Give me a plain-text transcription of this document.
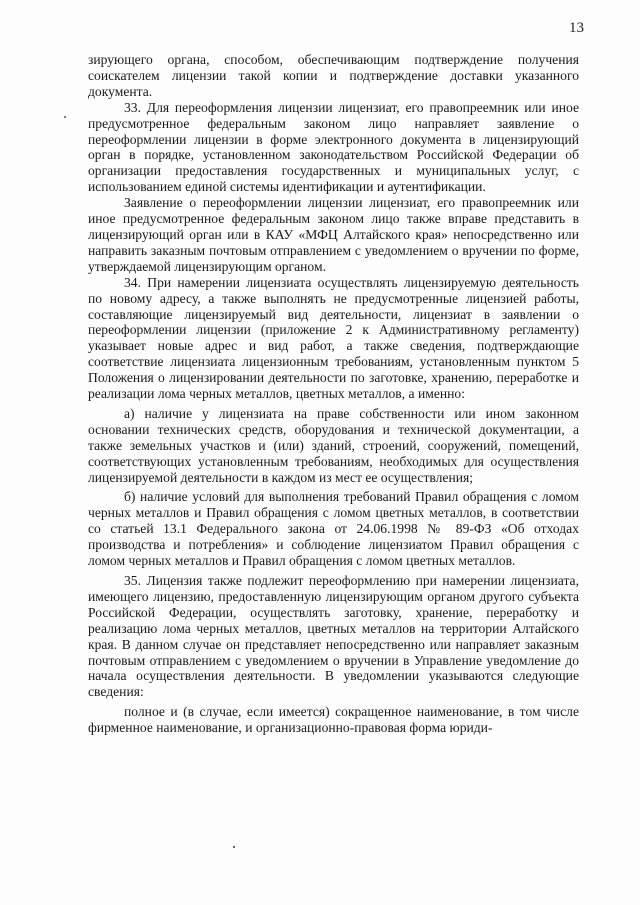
13

зирующего органа, способом, обеспечивающим подтверждение получения соискателем лицензии такой копии и подтверждение доставки указанного документа.

33. Для переоформления лицензии лицензиат, его правопреемник или иное предусмотренное федеральным законом лицо направляет заявление о переоформлении лицензии в форме электронного документа в лицензирующий орган в порядке, установленном законодательством Российской Федерации об организации предоставления государственных и муниципальных услуг, с использованием единой системы идентификации и аутентификации.

Заявление о переоформлении лицензии лицензиат, его правопреемник или иное предусмотренное федеральным законом лицо также вправе представить в лицензирующий орган или в КАУ «МФЦ Алтайского края» непосредственно или направить заказным почтовым отправлением с уведомлением о вручении по форме, утверждаемой лицензирующим органом.

34. При намерении лицензиата осуществлять лицензируемую деятельность по новому адресу, а также выполнять не предусмотренные лицензией работы, составляющие лицензируемый вид деятельности, лицензиат в заявлении о переоформлении лицензии (приложение 2 к Административному регламенту) указывает новые адрес и вид работ, а также сведения, подтверждающие соответствие лицензиата лицензионным требованиям, установленным пунктом 5 Положения о лицензировании деятельности по заготовке, хранению, переработке и реализации лома черных металлов, цветных металлов, а именно:

а) наличие у лицензиата на праве собственности или ином законном основании технических средств, оборудования и технической документации, а также земельных участков и (или) зданий, строений, сооружений, помещений, соответствующих установленным требованиям, необходимых для осуществления лицензируемой деятельности в каждом из мест ее осуществления;

б) наличие условий для выполнения требований Правил обращения с ломом черных металлов и Правил обращения с ломом цветных металлов, в соответствии со статьей 13.1 Федерального закона от 24.06.1998 № 89-ФЗ «Об отходах производства и потребления» и соблюдение лицензиатом Правил обращения с ломом черных металлов и Правил обращения с ломом цветных металлов.

35. Лицензия также подлежит переоформлению при намерении лицензиата, имеющего лицензию, предоставленную лицензирующим органом другого субъекта Российской Федерации, осуществлять заготовку, хранение, переработку и реализацию лома черных металлов, цветных металлов на территории Алтайского края. В данном случае он представляет непосредственно или направляет заказным почтовым отправлением с уведомлением о вручении в Управление уведомление до начала осуществления деятельности. В уведомлении указываются следующие сведения:

полное и (в случае, если имеется) сокращенное наименование, в том числе фирменное наименование, и организационно-правовая форма юриди-
